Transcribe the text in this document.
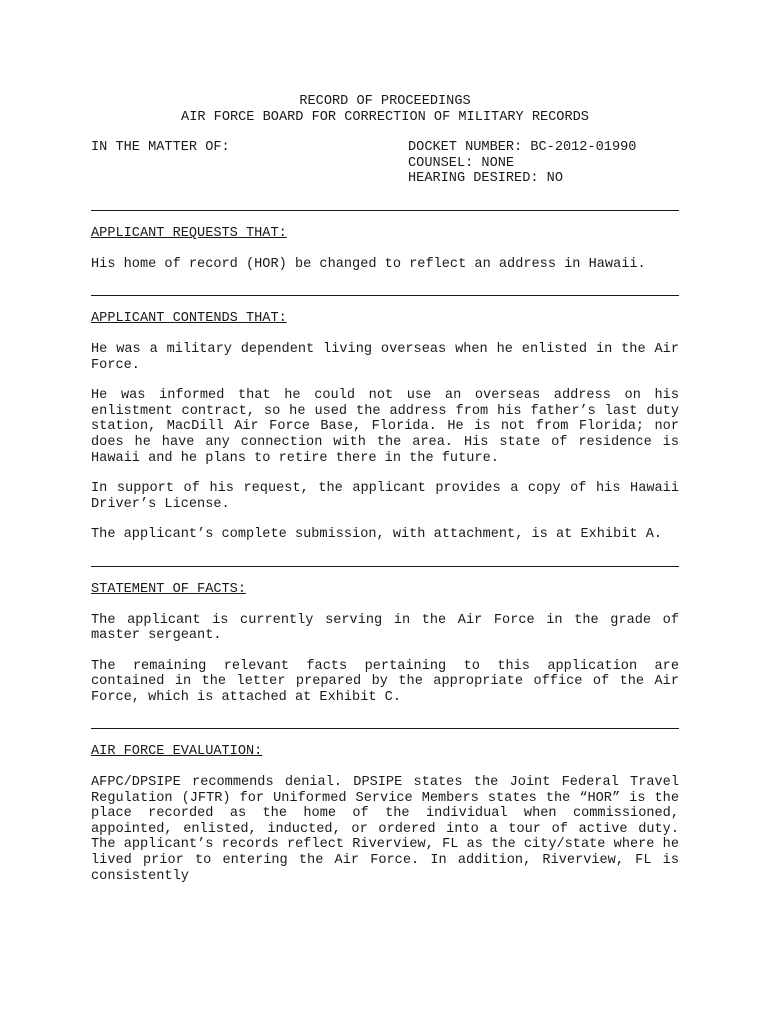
RECORD OF PROCEEDINGS
AIR FORCE BOARD FOR CORRECTION OF MILITARY RECORDS
IN THE MATTER OF:	DOCKET NUMBER: BC-2012-01990
COUNSEL: NONE
HEARING DESIRED: NO
APPLICANT REQUESTS THAT:

His home of record (HOR) be changed to reflect an address in Hawaii.

APPLICANT CONTENDS THAT:

He was a military dependent living overseas when he enlisted in the Air Force.

He was informed that he could not use an overseas address on his enlistment contract, so he used the address from his father’s last duty station, MacDill Air Force Base, Florida. He is not from Florida; nor does he have any connection with the area. His state of residence is Hawaii and he plans to retire there in the future.

In support of his request, the applicant provides a copy of his Hawaii Driver’s License.

The applicant’s complete submission, with attachment, is at Exhibit A.

STATEMENT OF FACTS:

The applicant is currently serving in the Air Force in the grade of master sergeant.

The remaining relevant facts pertaining to this application are contained in the letter prepared by the appropriate office of the Air Force, which is attached at Exhibit C.

AIR FORCE EVALUATION:

AFPC/DPSIPE recommends denial. DPSIPE states the Joint Federal Travel Regulation (JFTR) for Uniformed Service Members states the “HOR” is the place recorded as the home of the individual when commissioned, appointed, enlisted, inducted, or ordered into a tour of active duty. The applicant’s records reflect Riverview, FL as the city/state where he lived prior to entering the Air Force. In addition, Riverview, FL is consistently
